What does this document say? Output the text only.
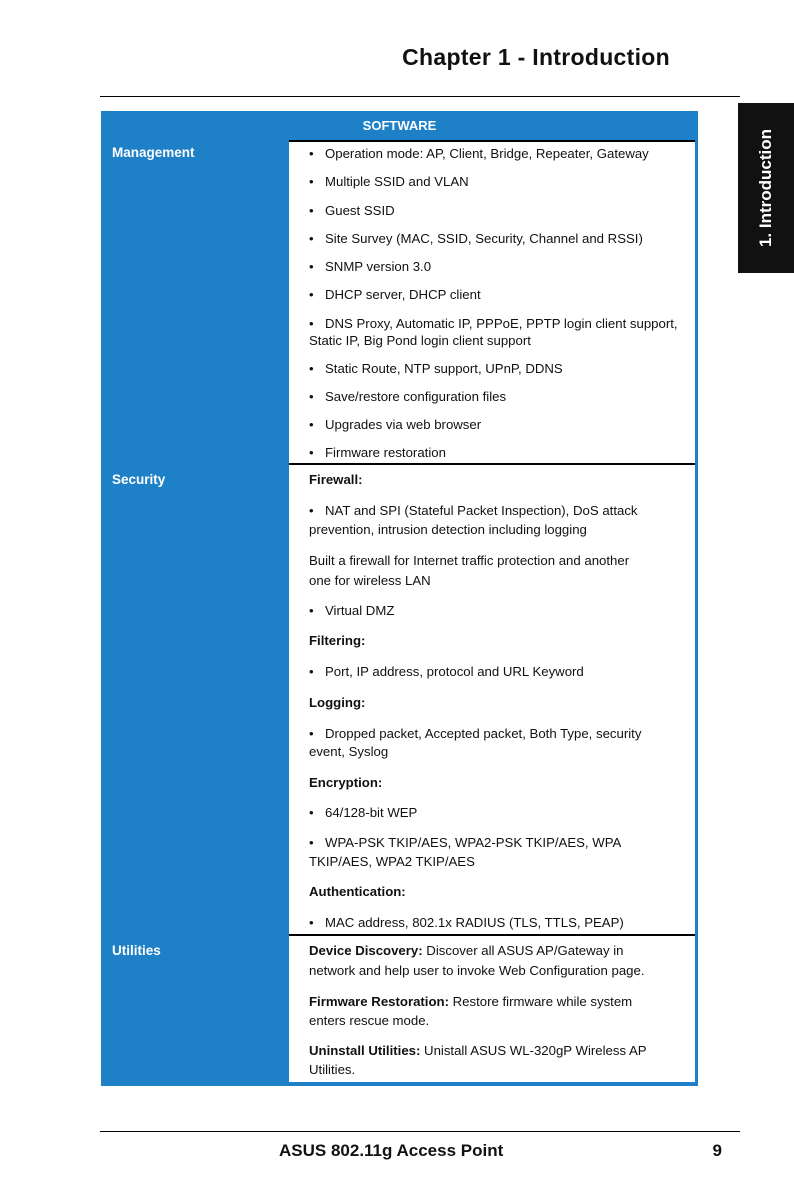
Chapter 1 - Introduction
1. Introduction
SOFTWARE
Management	• Operation mode: AP, Client, Bridge, Repeater, Gateway
• Multiple SSID and VLAN
• Guest SSID
• Site Survey (MAC, SSID, Security, Channel and RSSI)
• SNMP version 3.0
• DHCP server, DHCP client
• DNS Proxy, Automatic IP, PPPoE, PPTP login client support,
Static IP, Big Pond login client support
• Static Route, NTP support, UPnP, DDNS
• Save/restore configuration files
• Upgrades via web browser
• Firmware restoration
Security	Firewall:
• NAT and SPI (Stateful Packet Inspection), DoS attack
prevention, intrusion detection including logging
Built a firewall for Internet traffic protection and another
one for wireless LAN
• Virtual DMZ
Filtering:
• Port, IP address, protocol and URL Keyword
Logging:
• Dropped packet, Accepted packet, Both Type, security
event, Syslog
Encryption:
• 64/128-bit WEP
• WPA-PSK TKIP/AES, WPA2-PSK TKIP/AES, WPA
TKIP/AES, WPA2 TKIP/AES
Authentication:
• MAC address, 802.1x RADIUS (TLS, TTLS, PEAP)
Utilities	Device Discovery: Discover all ASUS AP/Gateway in
network and help user to invoke Web Configuration page.
Firmware Restoration: Restore firmware while system
enters rescue mode.
Uninstall Utilities: Unistall ASUS WL-320gP Wireless AP
Utilities.
ASUS 802.11g Access Point	9
